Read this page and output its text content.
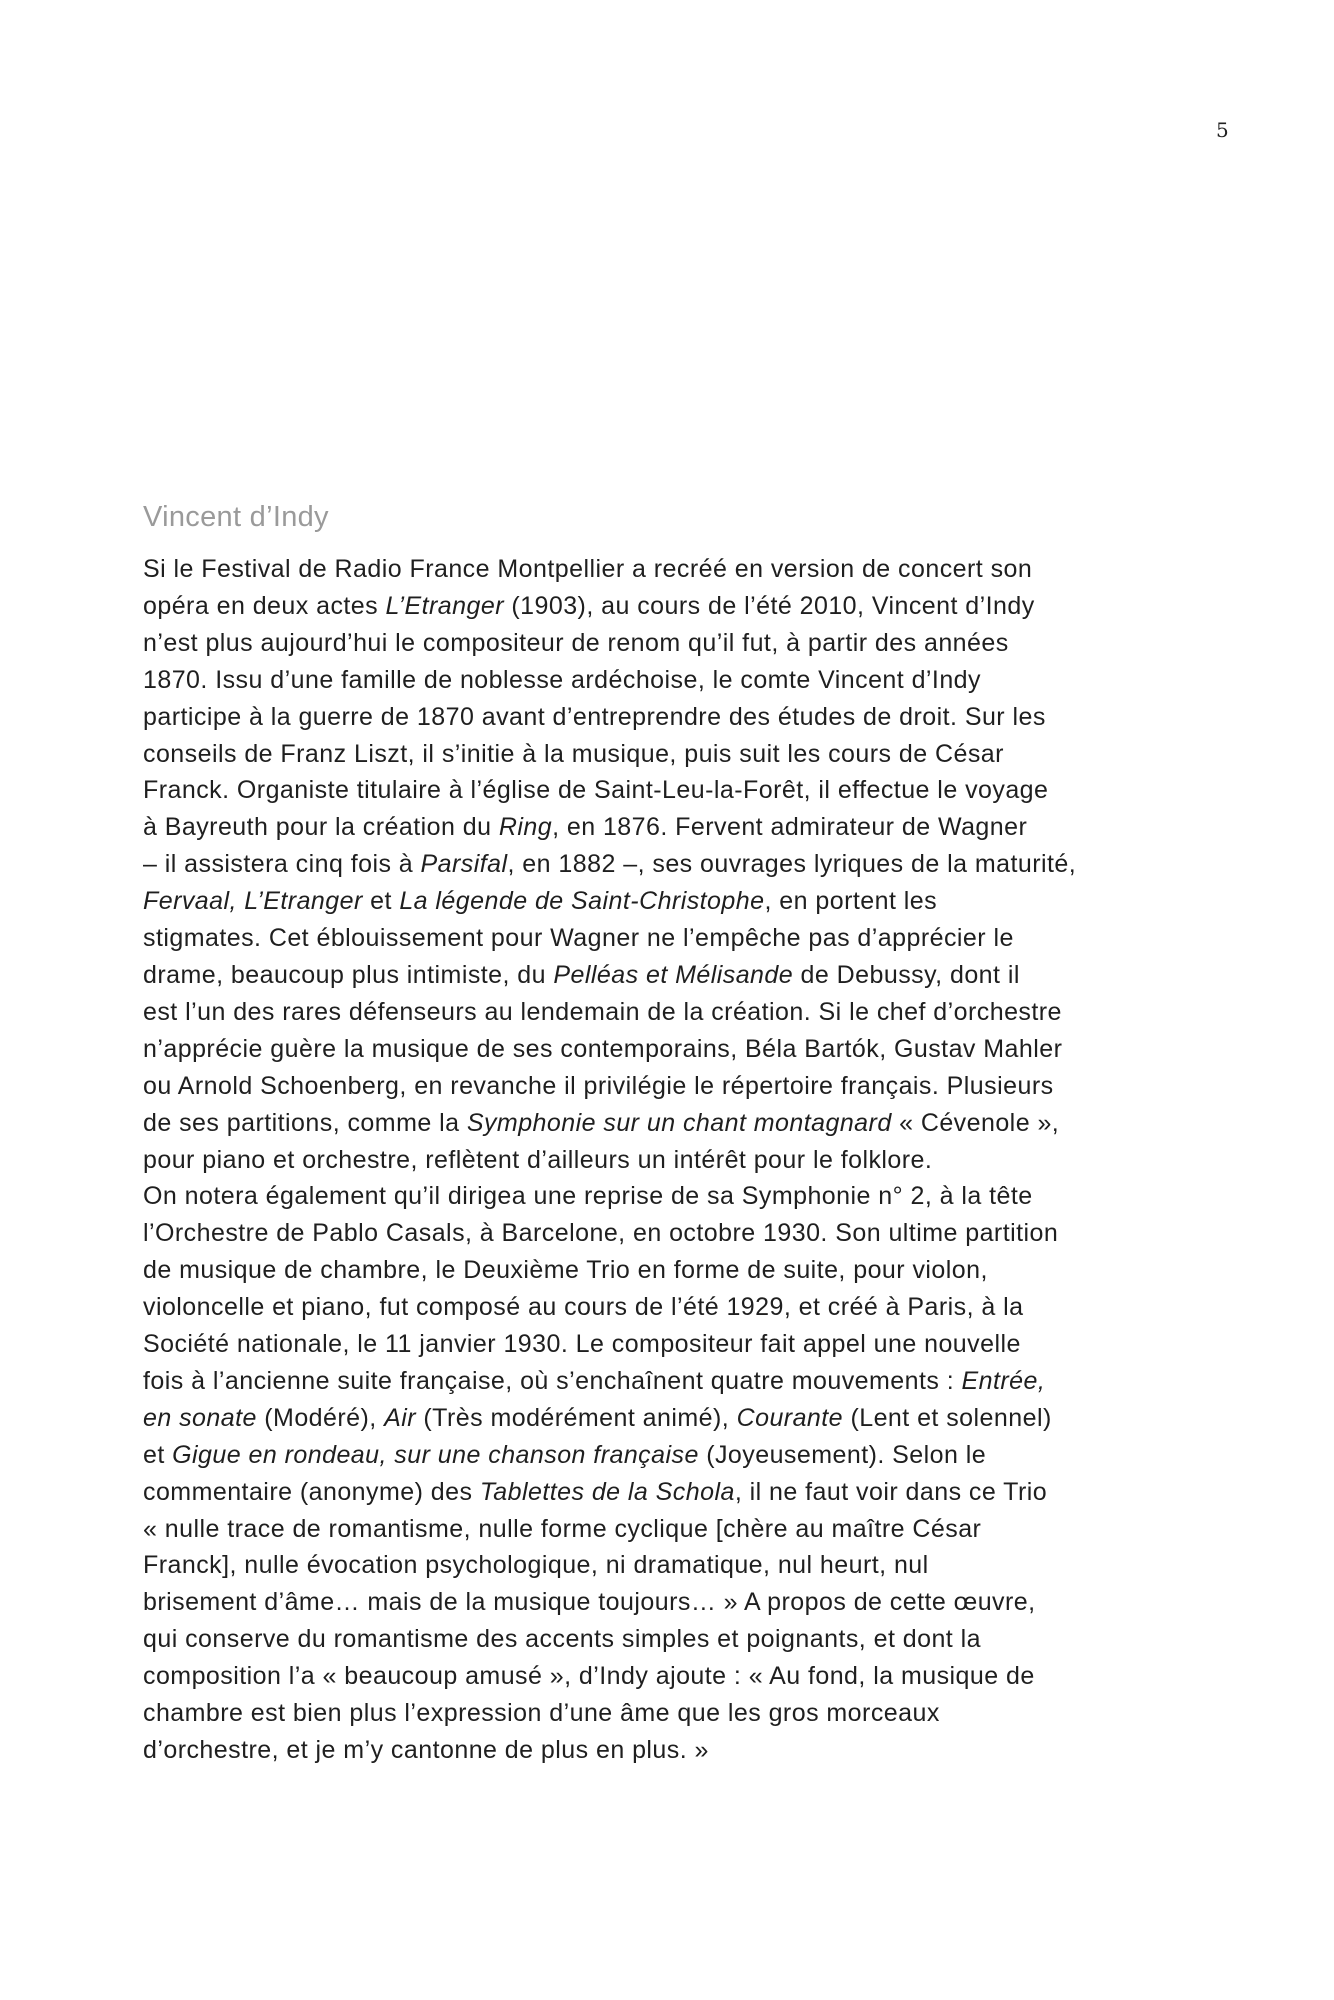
5
Vincent d’Indy
Si le Festival de Radio France Montpellier a recréé en version de concert son
opéra en deux actes L’Etranger (1903), au cours de l’été 2010, Vincent d’Indy
n’est plus aujourd’hui le compositeur de renom qu’il fut, à partir des années
1870. Issu d’une famille de noblesse ardéchoise, le comte Vincent d’Indy
participe à la guerre de 1870 avant d’entreprendre des études de droit. Sur les
conseils de Franz Liszt, il s’initie à la musique, puis suit les cours de César
Franck. Organiste titulaire à l’église de Saint-Leu-la-Forêt, il effectue le voyage
à Bayreuth pour la création du Ring, en 1876. Fervent admirateur de Wagner
– il assistera cinq fois à Parsifal, en 1882 –, ses ouvrages lyriques de la maturité,
Fervaal, L’Etranger et La légende de Saint-Christophe, en portent les
stigmates. Cet éblouissement pour Wagner ne l’empêche pas d’apprécier le
drame, beaucoup plus intimiste, du Pelléas et Mélisande de Debussy, dont il
est l’un des rares défenseurs au lendemain de la création. Si le chef d’orchestre
n’apprécie guère la musique de ses contemporains, Béla Bartók, Gustav Mahler
ou Arnold Schoenberg, en revanche il privilégie le répertoire français. Plusieurs
de ses partitions, comme la Symphonie sur un chant montagnard « Cévenole »,
pour piano et orchestre, reflètent d’ailleurs un intérêt pour le folklore.
On notera également qu’il dirigea une reprise de sa Symphonie n° 2, à la tête
l’Orchestre de Pablo Casals, à Barcelone, en octobre 1930. Son ultime partition
de musique de chambre, le Deuxième Trio en forme de suite, pour violon,
violoncelle et piano, fut composé au cours de l’été 1929, et créé à Paris, à la
Société nationale, le 11 janvier 1930. Le compositeur fait appel une nouvelle
fois à l’ancienne suite française, où s’enchaînent quatre mouvements : Entrée,
en sonate (Modéré), Air (Très modérément animé), Courante (Lent et solennel)
et Gigue en rondeau, sur une chanson française (Joyeusement). Selon le
commentaire (anonyme) des Tablettes de la Schola, il ne faut voir dans ce Trio
« nulle trace de romantisme, nulle forme cyclique [chère au maître César
Franck], nulle évocation psychologique, ni dramatique, nul heurt, nul
brisement d’âme… mais de la musique toujours… » A propos de cette œuvre,
qui conserve du romantisme des accents simples et poignants, et dont la
composition l’a « beaucoup amusé », d’Indy ajoute : « Au fond, la musique de
chambre est bien plus l’expression d’une âme que les gros morceaux
d’orchestre, et je m’y cantonne de plus en plus. »
